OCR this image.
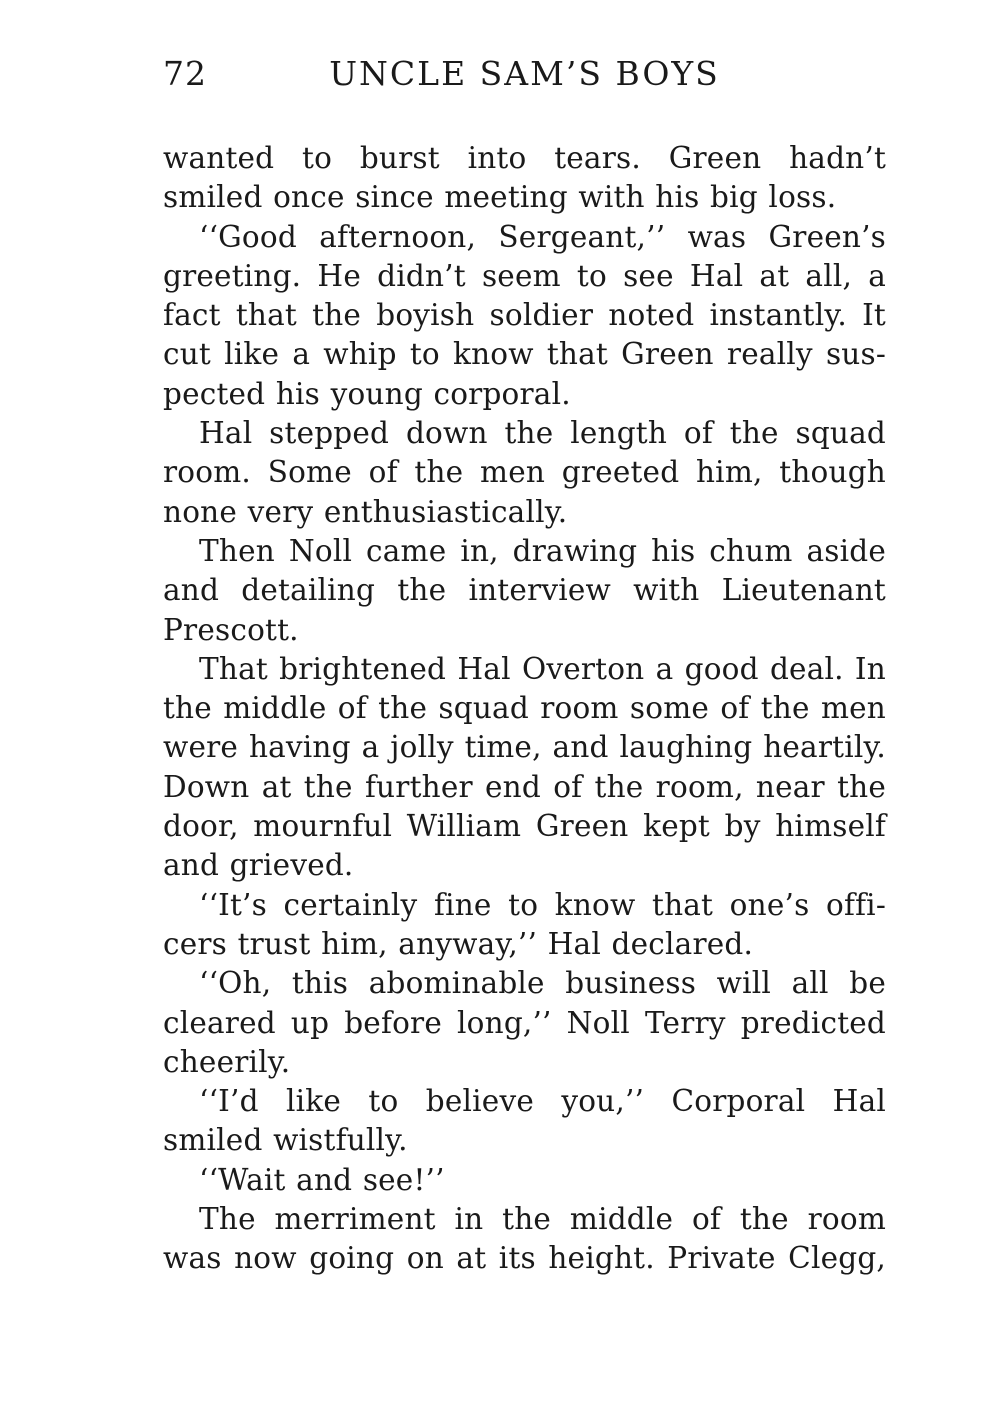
72	UNCLE SAM’S BOYS

wanted to burst into tears. Green hadn’t smiled once since meeting with his big loss.

‘‘Good afternoon, Sergeant,’’ was Green’s greeting. He didn’t seem to see Hal at all, a fact that the boyish soldier noted instantly. It cut like a whip to know that Green really sus-pected his young corporal.

Hal stepped down the length of the squad room. Some of the men greeted him, though none very enthusiastically.

Then Noll came in, drawing his chum aside and detailing the interview with Lieutenant Prescott.

That brightened Hal Overton a good deal. In the middle of the squad room some of the men were having a jolly time, and laughing heartily. Down at the further end of the room, near the door, mournful William Green kept by himself and grieved.

‘‘It’s certainly fine to know that one’s offi-cers trust him, anyway,’’ Hal declared.

‘‘Oh, this abominable business will all be cleared up before long,’’ Noll Terry predicted cheerily.

‘‘I’d like to believe you,’’ Corporal Hal smiled wistfully.

‘‘Wait and see!’’

The merriment in the middle of the room was now going on at its height. Private Clegg,
